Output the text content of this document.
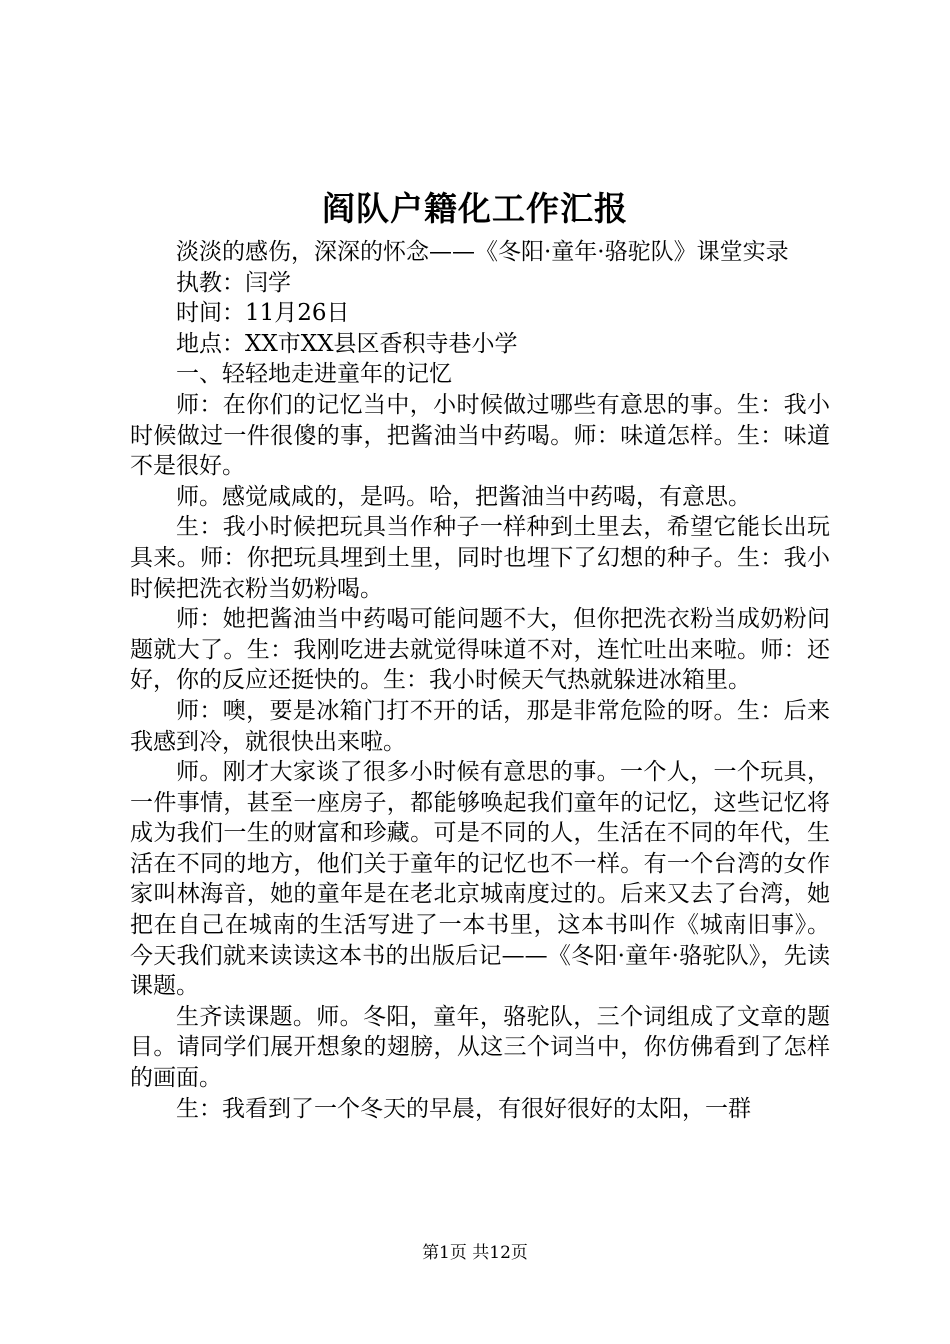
阎队户籍化工作汇报

淡淡的感伤，深深的怀念——《冬阳·童年·骆驼队》课堂实录

执教：闫学

时间：11月26日

地点：XX市XX县区香积寺巷小学

一、轻轻地走进童年的记忆

师：在你们的记忆当中，小时候做过哪些有意思的事。生：我小时候做过一件很傻的事，把酱油当中药喝。师：味道怎样。生：味道不是很好。

师。感觉咸咸的，是吗。哈，把酱油当中药喝，有意思。

生：我小时候把玩具当作种子一样种到土里去，希望它能长出玩具来。师：你把玩具埋到土里，同时也埋下了幻想的种子。生：我小时候把洗衣粉当奶粉喝。

师：她把酱油当中药喝可能问题不大，但你把洗衣粉当成奶粉问题就大了。生：我刚吃进去就觉得味道不对，连忙吐出来啦。师：还好，你的反应还挺快的。生：我小时候天气热就躲进冰箱里。

师：噢，要是冰箱门打不开的话，那是非常危险的呀。生：后来我感到冷，就很快出来啦。

师。刚才大家谈了很多小时候有意思的事。一个人，一个玩具，一件事情，甚至一座房子，都能够唤起我们童年的记忆，这些记忆将成为我们一生的财富和珍藏。可是不同的人，生活在不同的年代，生活在不同的地方，他们关于童年的记忆也不一样。有一个台湾的女作家叫林海音，她的童年是在老北京城南度过的。后来又去了台湾，她把在自己在城南的生活写进了一本书里，这本书叫作《城南旧事》。今天我们就来读读这本书的出版后记——《冬阳·童年·骆驼队》，先读课题。

生齐读课题。师。冬阳，童年，骆驼队，三个词组成了文章的题目。请同学们展开想象的翅膀，从这三个词当中，你仿佛看到了怎样的画面。

生：我看到了一个冬天的早晨，有很好很好的太阳，一群

第1页 共12页
